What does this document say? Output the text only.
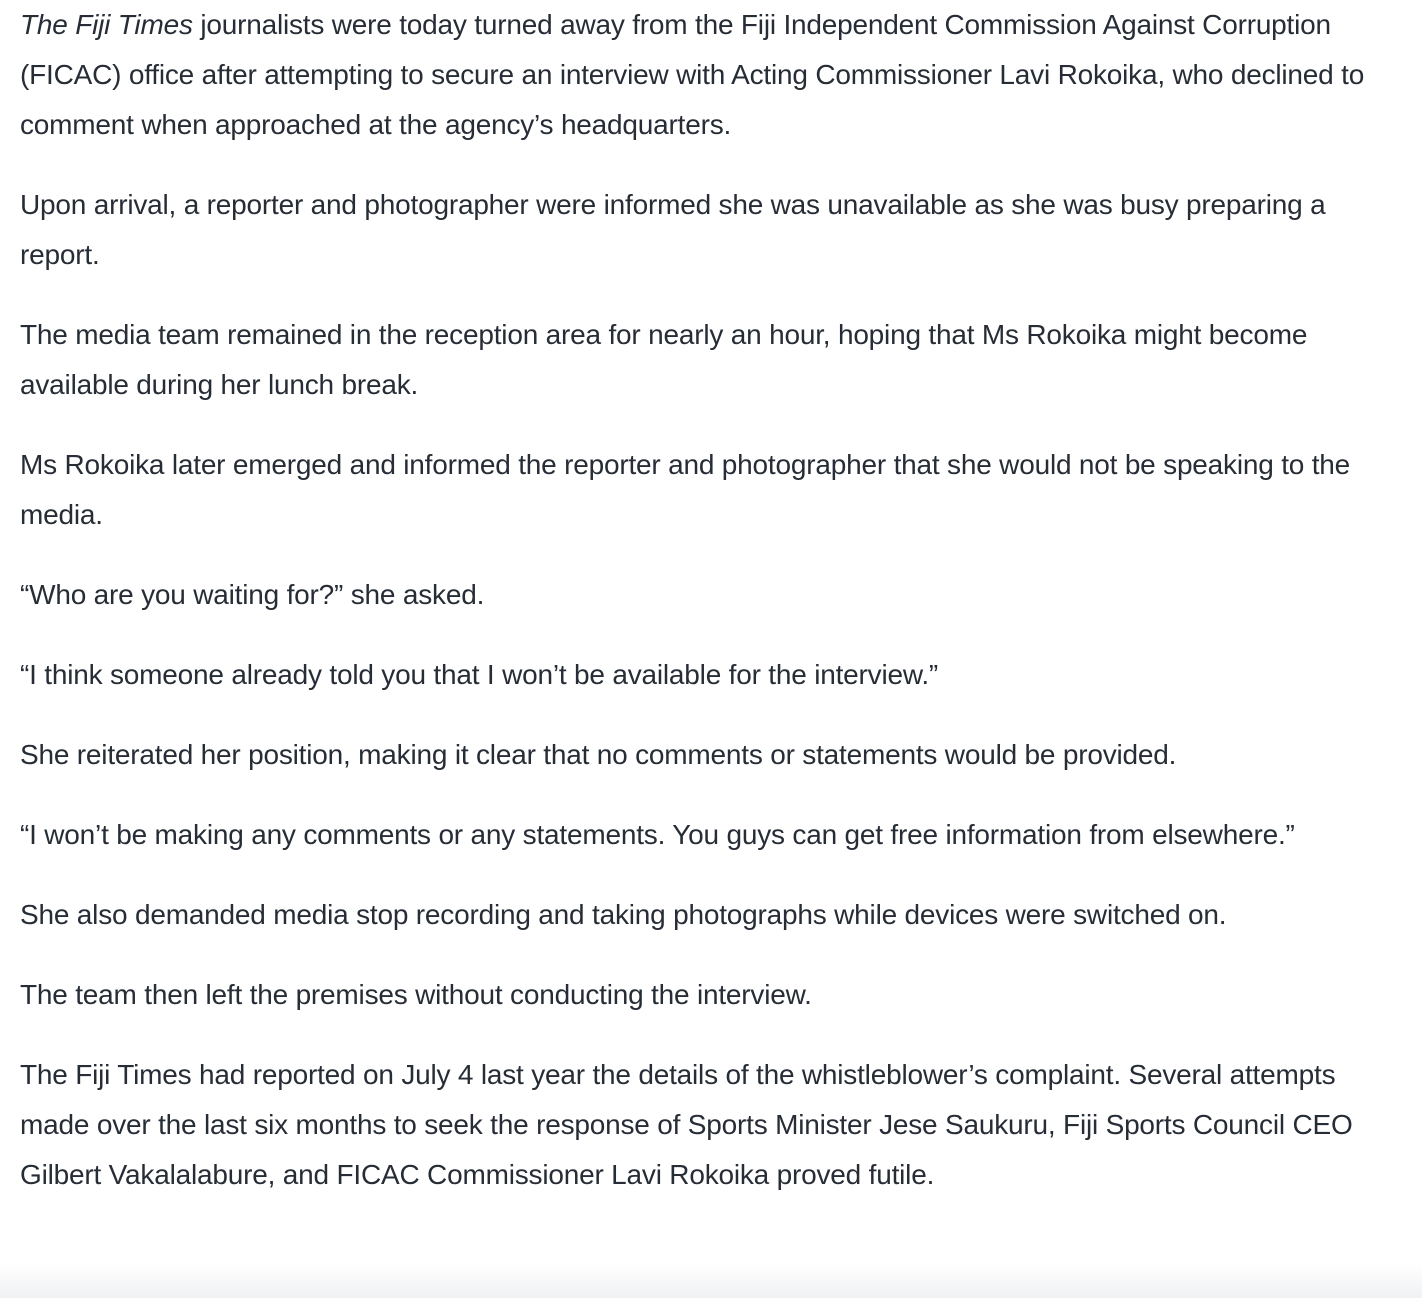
The Fiji Times journalists were today turned away from the Fiji Independent Commission Against Corruption (FICAC) office after attempting to secure an interview with Acting Commissioner Lavi Rokoika, who declined to comment when approached at the agency’s headquarters.

Upon arrival, a reporter and photographer were informed she was unavailable as she was busy preparing a report.

The media team remained in the reception area for nearly an hour, hoping that Ms Rokoika might become available during her lunch break.

Ms Rokoika later emerged and informed the reporter and photographer that she would not be speaking to the media.

“Who are you waiting for?” she asked.

“I think someone already told you that I won’t be available for the interview.”

She reiterated her position, making it clear that no comments or statements would be provided.

“I won’t be making any comments or any statements. You guys can get free information from elsewhere.”

She also demanded media stop recording and taking photographs while devices were switched on.

The team then left the premises without conducting the interview.

The Fiji Times had reported on July 4 last year the details of the whistleblower’s complaint. Several attempts made over the last six months to seek the response of Sports Minister Jese Saukuru, Fiji Sports Council CEO Gilbert Vakalalabure, and FICAC Commissioner Lavi Rokoika proved futile.
